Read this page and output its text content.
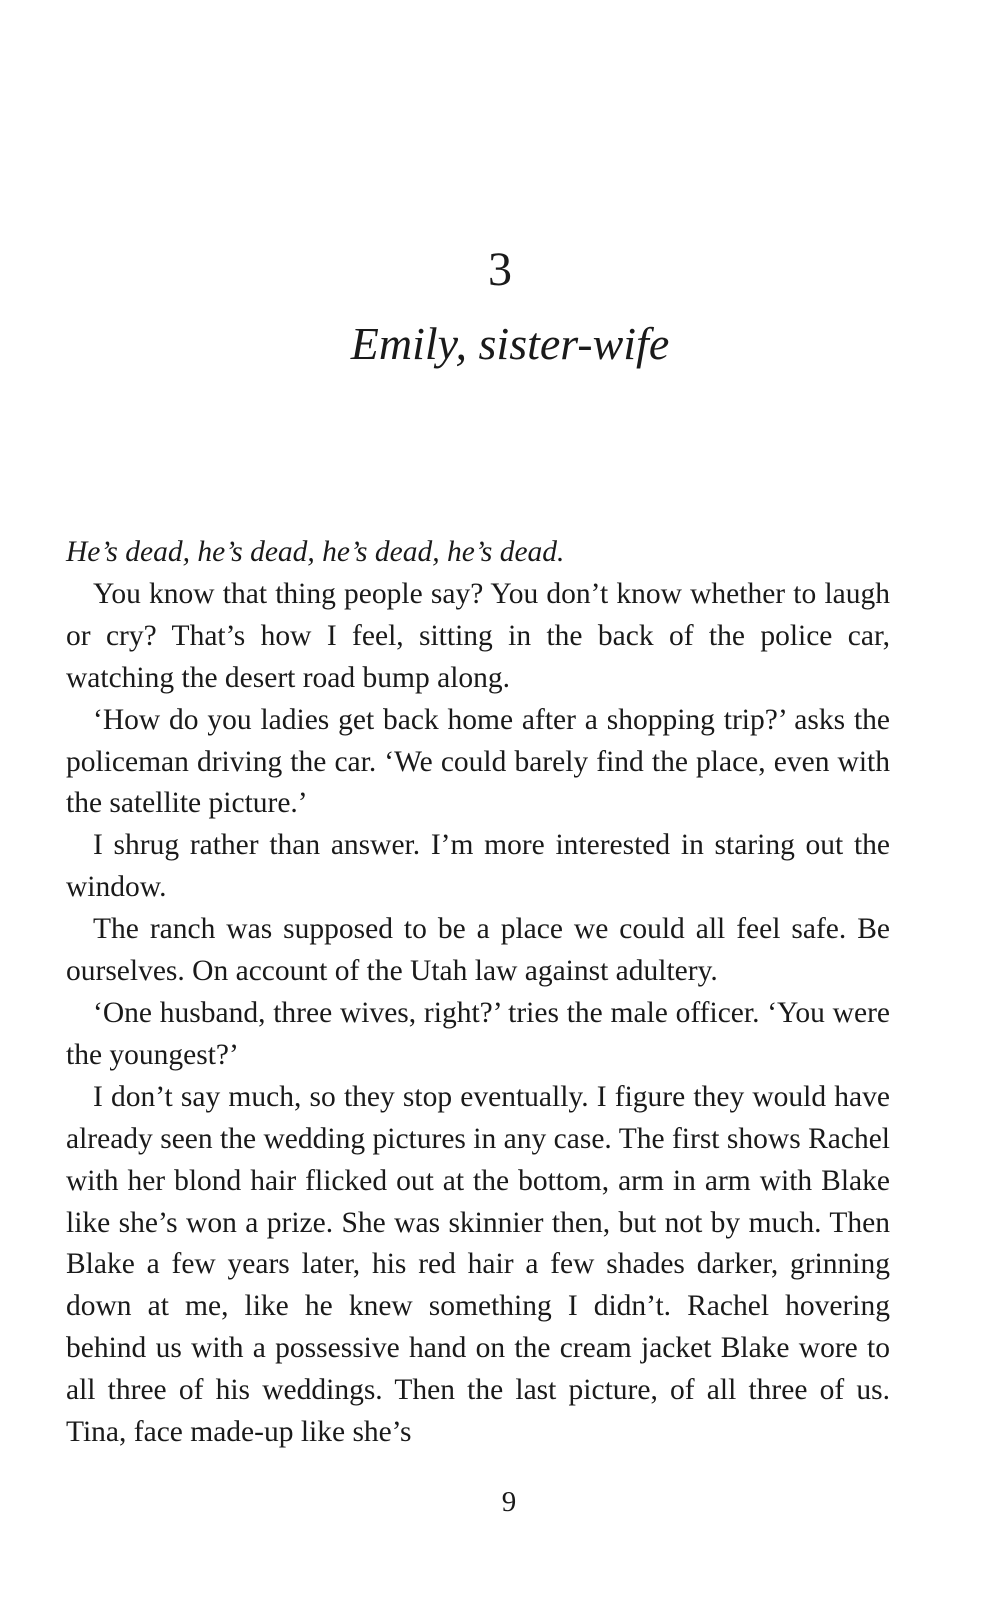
3
Emily, sister-wife

He’s dead, he’s dead, he’s dead, he’s dead.

You know that thing people say? You don’t know whether to laugh or cry? That’s how I feel, sitting in the back of the police car, watching the desert road bump along.

‘How do you ladies get back home after a shopping trip?’ asks the policeman driving the car. ‘We could barely find the place, even with the satellite picture.’

I shrug rather than answer. I’m more interested in staring out the window.

The ranch was supposed to be a place we could all feel safe. Be ourselves. On account of the Utah law against adultery.

‘One husband, three wives, right?’ tries the male officer. ‘You were the youngest?’

I don’t say much, so they stop eventually. I figure they would have already seen the wedding pictures in any case. The first shows Rachel with her blond hair flicked out at the bottom, arm in arm with Blake like she’s won a prize. She was skinnier then, but not by much. Then Blake a few years later, his red hair a few shades darker, grinning down at me, like he knew something I didn’t. Rachel hovering behind us with a possessive hand on the cream jacket Blake wore to all three of his weddings. Then the last picture, of all three of us. Tina, face made-up like she’s

9
